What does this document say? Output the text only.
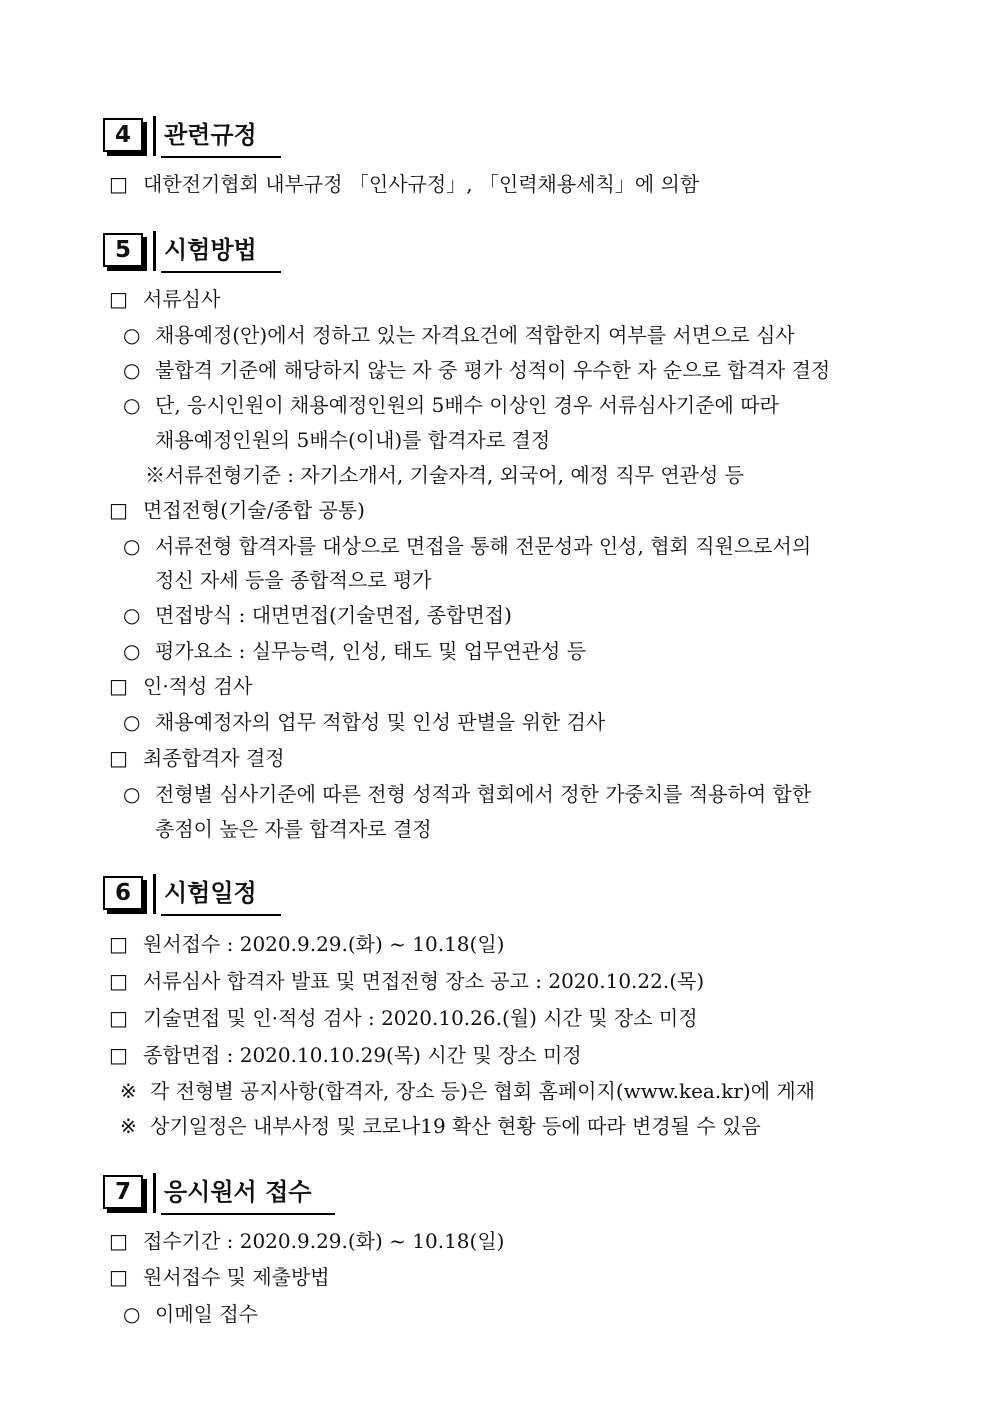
4	관련규정
□ 대한전기협회 내부규정 「인사규정」, 「인력채용세칙」에 의함
5	시험방법
□ 서류심사
○ 채용예정(안)에서 정하고 있는 자격요건에 적합한지 여부를 서면으로 심사
○ 불합격 기준에 해당하지 않는 자 중 평가 성적이 우수한 자 순으로 합격자 결정
○ 단, 응시인원이 채용예정인원의 5배수 이상인 경우 서류심사기준에 따라
채용예정인원의 5배수(이내)를 합격자로 결정
※서류전형기준 : 자기소개서, 기술자격, 외국어, 예정 직무 연관성 등
□ 면접전형(기술/종합 공통)
○ 서류전형 합격자를 대상으로 면접을 통해 전문성과 인성, 협회 직원으로서의
정신 자세 등을 종합적으로 평가
○ 면접방식 : 대면면접(기술면접, 종합면접)
○ 평가요소 : 실무능력, 인성, 태도 및 업무연관성 등
□ 인·적성 검사
○ 채용예정자의 업무 적합성 및 인성 판별을 위한 검사
□ 최종합격자 결정
○ 전형별 심사기준에 따른 전형 성적과 협회에서 정한 가중치를 적용하여 합한
총점이 높은 자를 합격자로 결정
6	시험일정
□ 원서접수 : 2020.9.29.(화) ~ 10.18(일)
□ 서류심사 합격자 발표 및 면접전형 장소 공고 : 2020.10.22.(목)
□ 기술면접 및 인·적성 검사 : 2020.10.26.(월) 시간 및 장소 미정
□ 종합면접 : 2020.10.10.29(목) 시간 및 장소 미정
※ 각 전형별 공지사항(합격자, 장소 등)은 협회 홈페이지(www.kea.kr)에 게재
※ 상기일정은 내부사정 및 코로나19 확산 현황 등에 따라 변경될 수 있음
7	응시원서 접수
□ 접수기간 : 2020.9.29.(화) ~ 10.18(일)
□ 원서접수 및 제출방법
○ 이메일 접수
